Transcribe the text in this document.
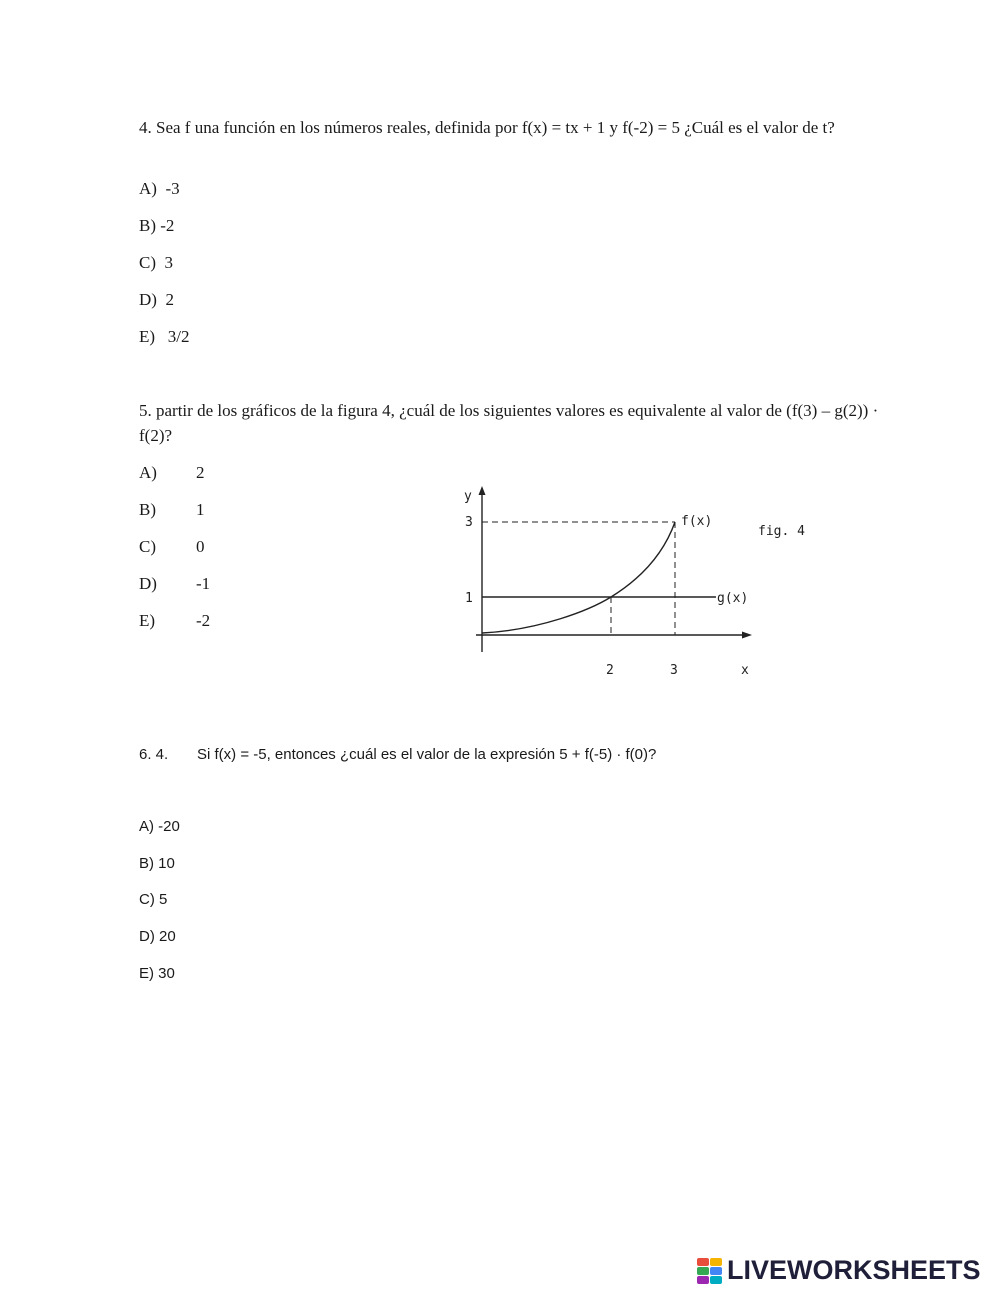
4. Sea f una función en los números reales, definida por f(x) = tx + 1 y f(-2) = 5 ¿Cuál es el valor de t?
A) -3
B) -2
C) 3
D) 2
E) 3/2
5. partir de los gráficos de la figura 4, ¿cuál de los siguientes valores es equivalente al valor de (f(3) – g(2)) · f(2)?
A) 2
B) 1
C) 0
D) -1
E) -2
y
3
1
2	3	x
f(x)
g(x)
fig. 4
6. 4. Si f(x) = -5, entonces ¿cuál es el valor de la expresión 5 + f(-5) · f(0)?
A) -20
B) 10
C) 5
D) 20
E) 30
LIVEWORKSHEETS
